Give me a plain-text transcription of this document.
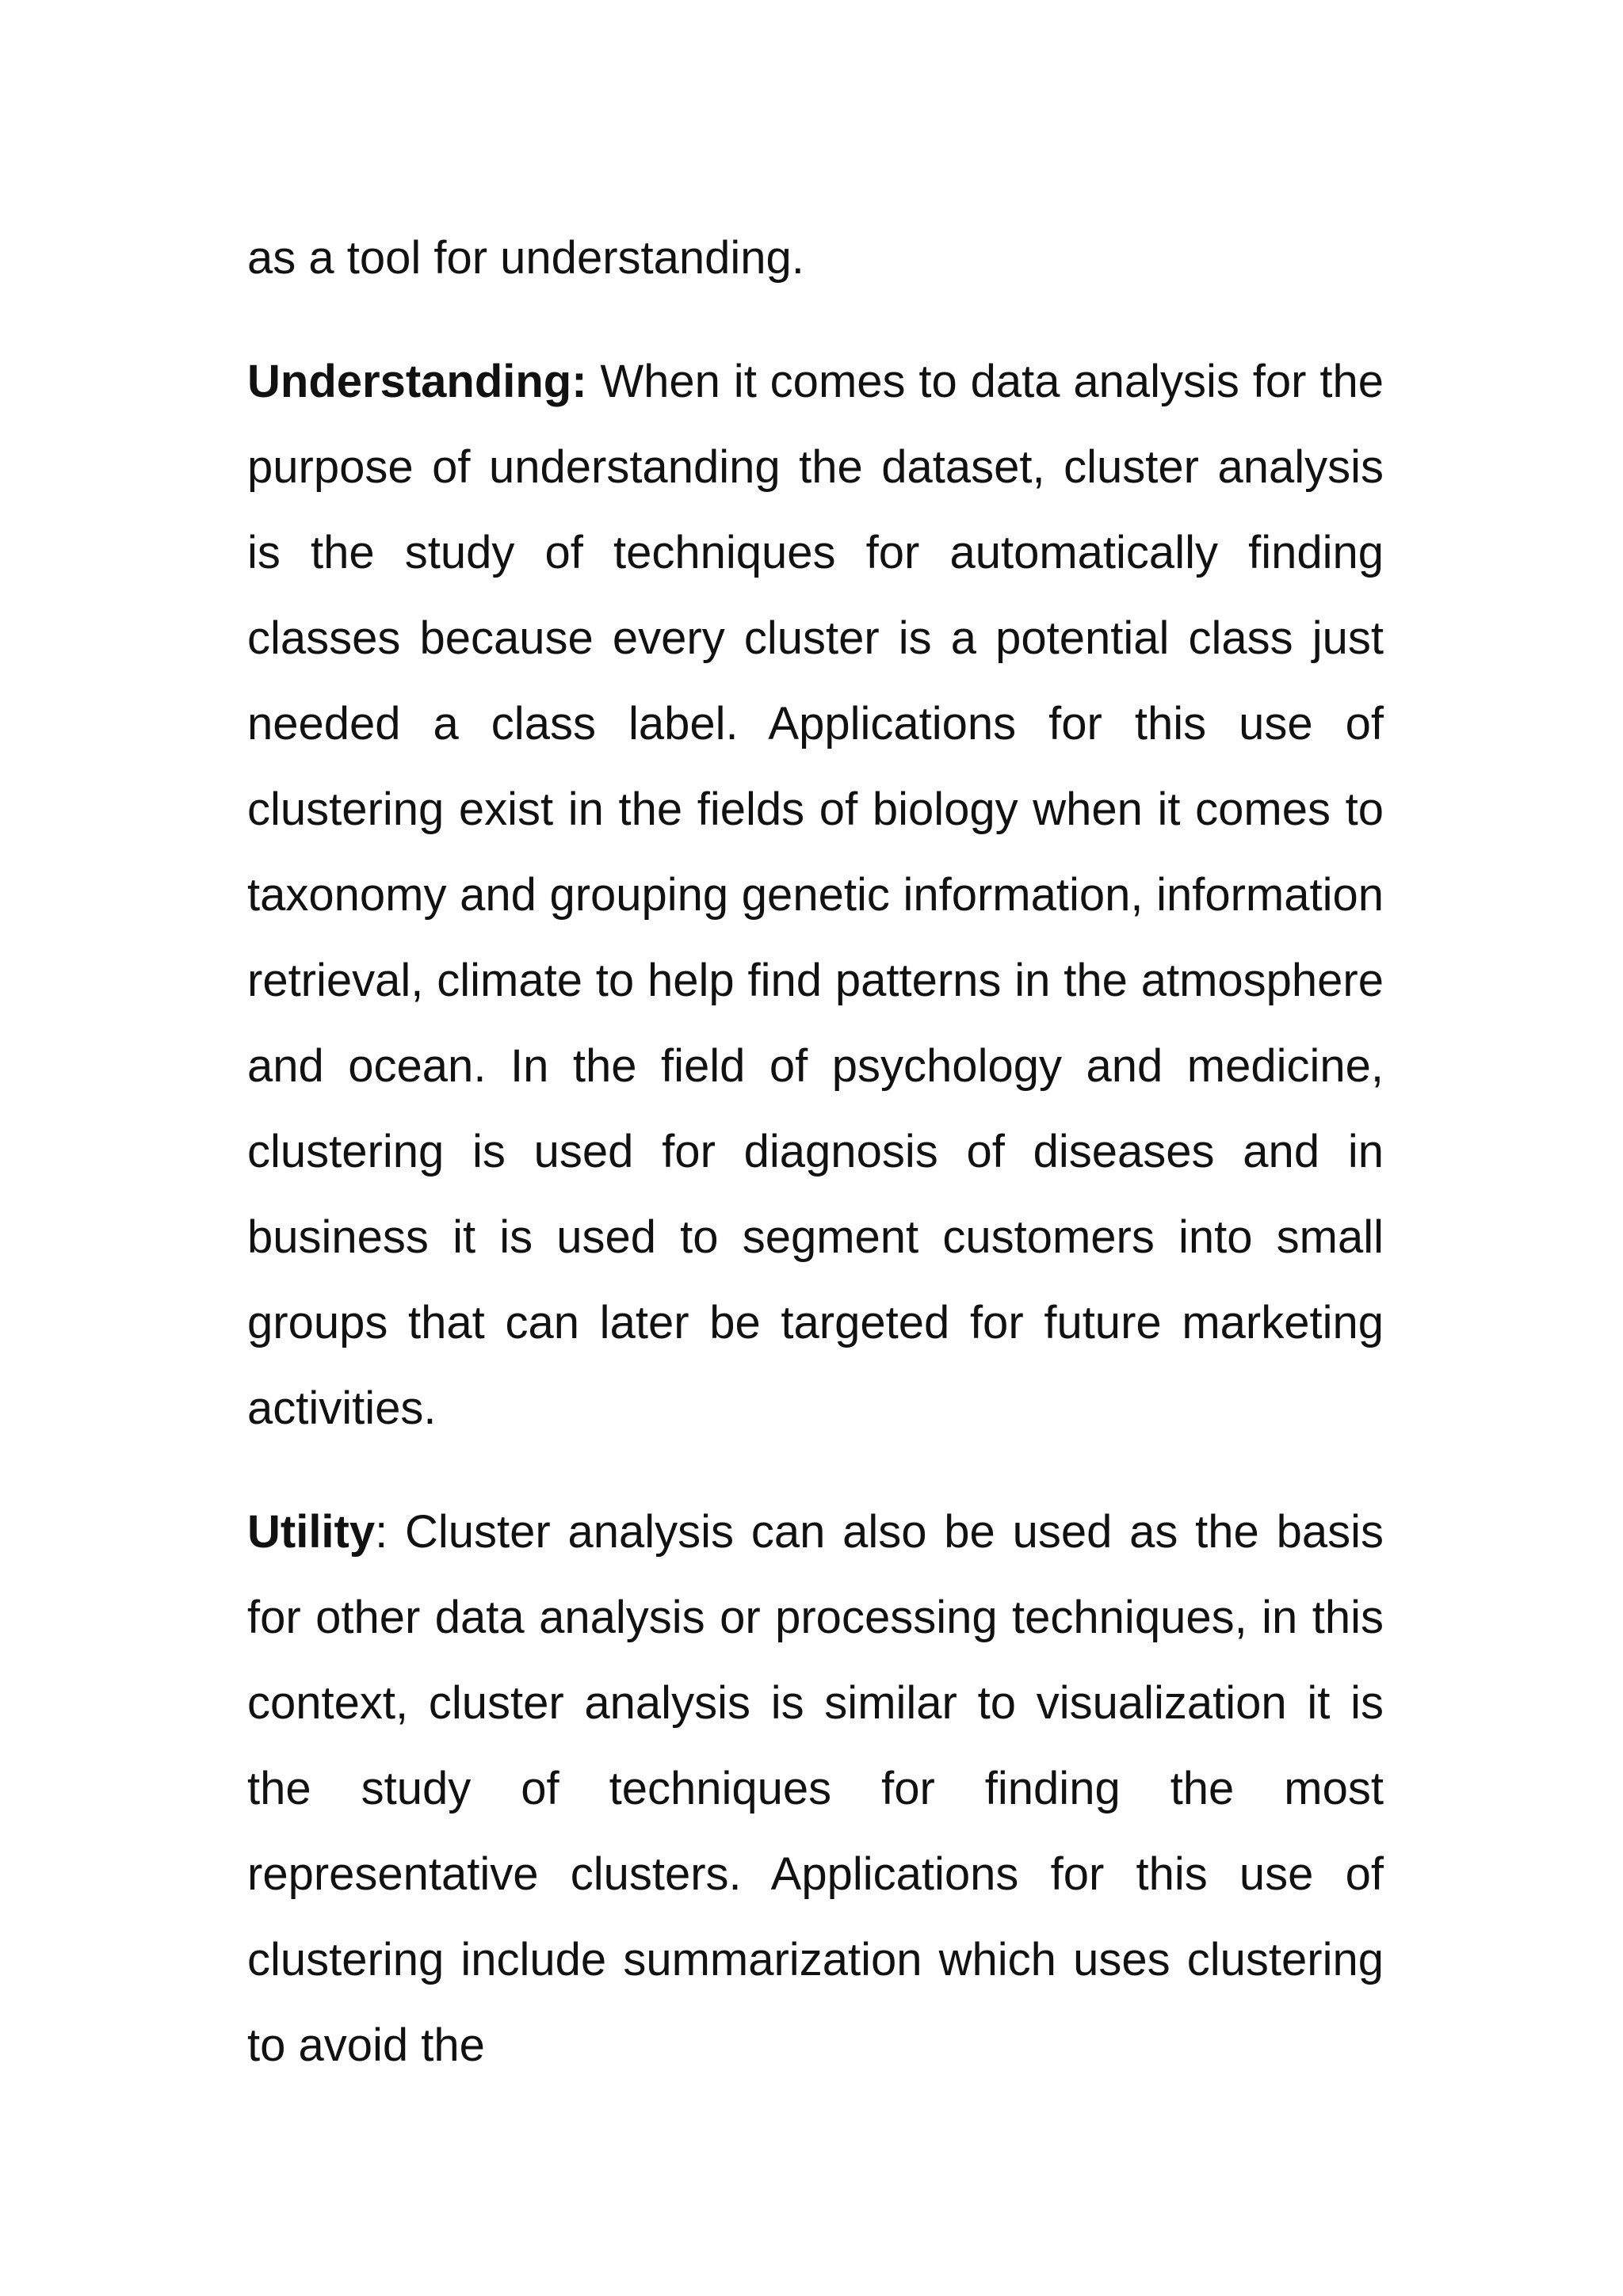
as a tool for understanding.

Understanding: When it comes to data analysis for the purpose of understanding the dataset, cluster analysis is the study of techniques for automatically finding classes because every cluster is a potential class just needed a class label. Applications for this use of clustering exist in the fields of biology when it comes to taxonomy and grouping genetic information, information retrieval, climate to help find patterns in the atmosphere and ocean. In the field of psychology and medicine, clustering is used for diagnosis of diseases and in business it is used to segment customers into small groups that can later be targeted for future marketing activities.

Utility: Cluster analysis can also be used as the basis for other data analysis or processing techniques, in this context, cluster analysis is similar to visualization it is the study of techniques for finding the most representative clusters. Applications for this use of clustering include summarization which uses clustering to avoid the
